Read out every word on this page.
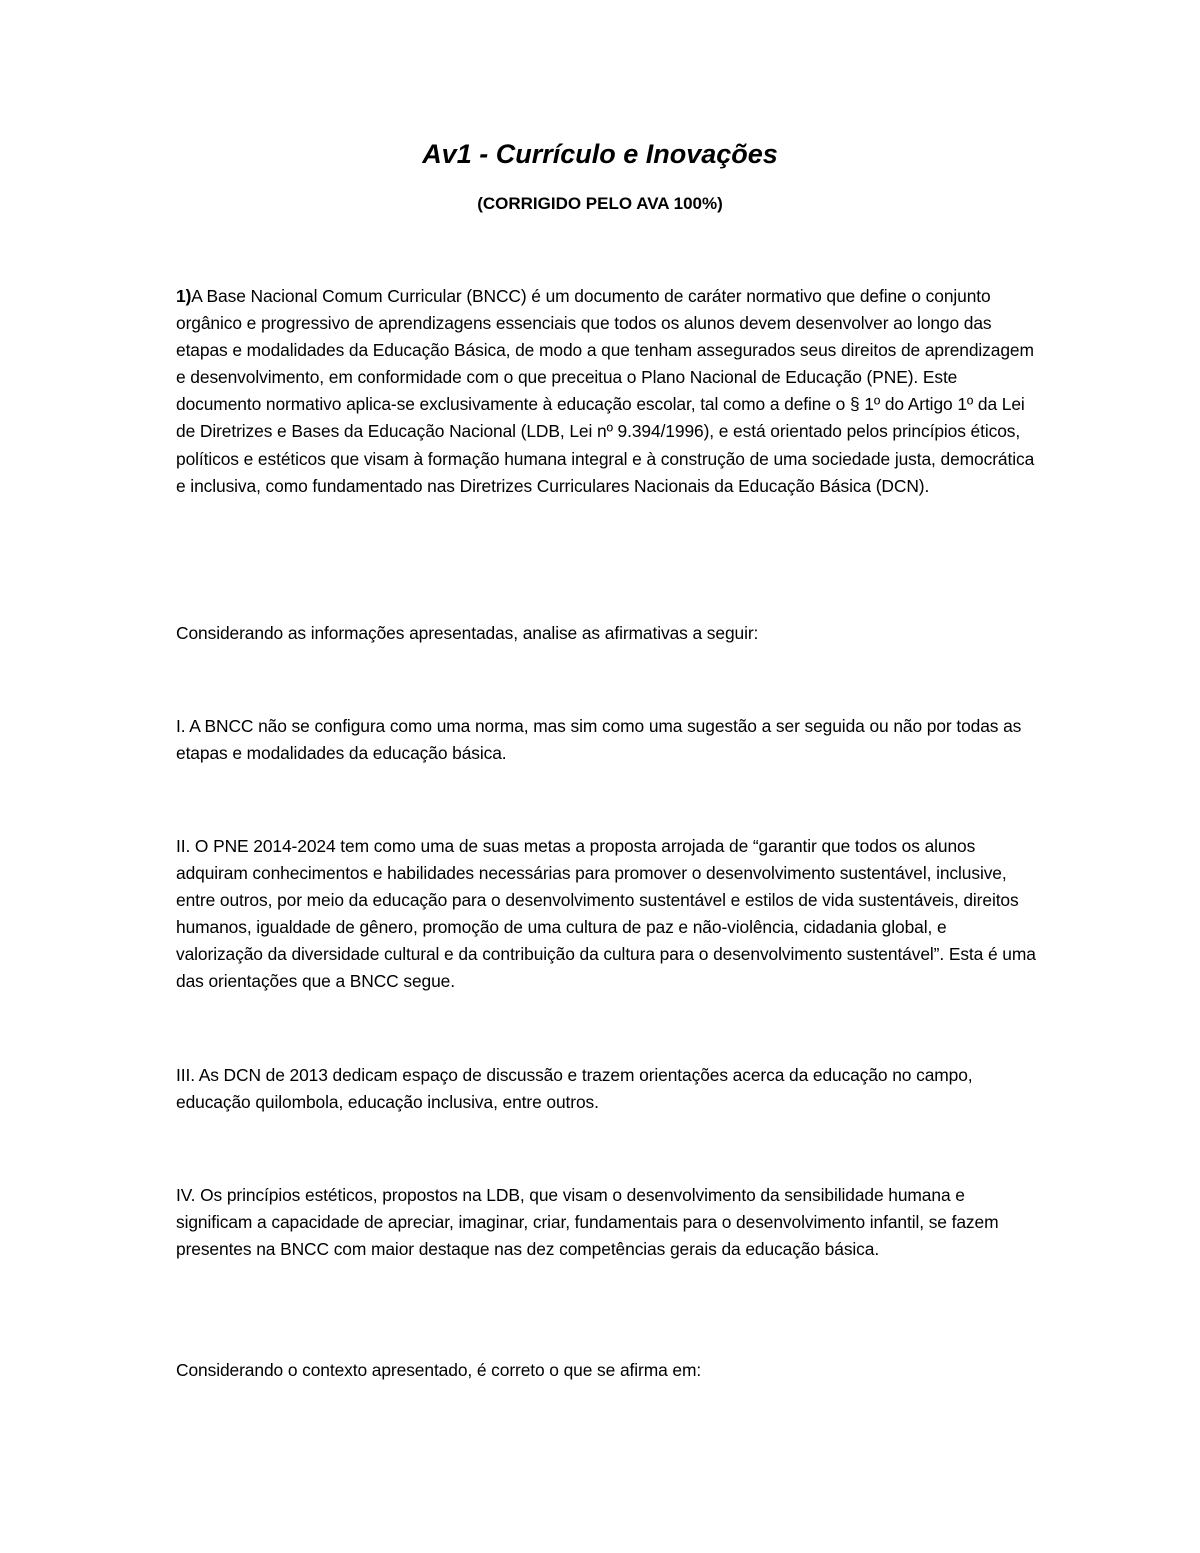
Av1 - Currículo e Inovações

(CORRIGIDO PELO AVA 100%)

1)A Base Nacional Comum Curricular (BNCC) é um documento de caráter normativo que define o conjunto orgânico e progressivo de aprendizagens essenciais que todos os alunos devem desenvolver ao longo das etapas e modalidades da Educação Básica, de modo a que tenham assegurados seus direitos de aprendizagem e desenvolvimento, em conformidade com o que preceitua o Plano Nacional de Educação (PNE). Este documento normativo aplica-se exclusivamente à educação escolar, tal como a define o § 1º do Artigo 1º da Lei de Diretrizes e Bases da Educação Nacional (LDB, Lei nº 9.394/1996), e está orientado pelos princípios éticos, políticos e estéticos que visam à formação humana integral e à construção de uma sociedade justa, democrática e inclusiva, como fundamentado nas Diretrizes Curriculares Nacionais da Educação Básica (DCN).

Considerando as informações apresentadas, analise as afirmativas a seguir:

I. A BNCC não se configura como uma norma, mas sim como uma sugestão a ser seguida ou não por todas as etapas e modalidades da educação básica.

II. O PNE 2014-2024 tem como uma de suas metas a proposta arrojada de “garantir que todos os alunos adquiram conhecimentos e habilidades necessárias para promover o desenvolvimento sustentável, inclusive, entre outros, por meio da educação para o desenvolvimento sustentável e estilos de vida sustentáveis, direitos humanos, igualdade de gênero, promoção de uma cultura de paz e não-violência, cidadania global, e valorização da diversidade cultural e da contribuição da cultura para o desenvolvimento sustentável”. Esta é uma das orientações que a BNCC segue.

III. As DCN de 2013 dedicam espaço de discussão e trazem orientações acerca da educação no campo, educação quilombola, educação inclusiva, entre outros.

IV. Os princípios estéticos, propostos na LDB, que visam o desenvolvimento da sensibilidade humana e significam a capacidade de apreciar, imaginar, criar, fundamentais para o desenvolvimento infantil, se fazem presentes na BNCC com maior destaque nas dez competências gerais da educação básica.

Considerando o contexto apresentado, é correto o que se afirma em:
